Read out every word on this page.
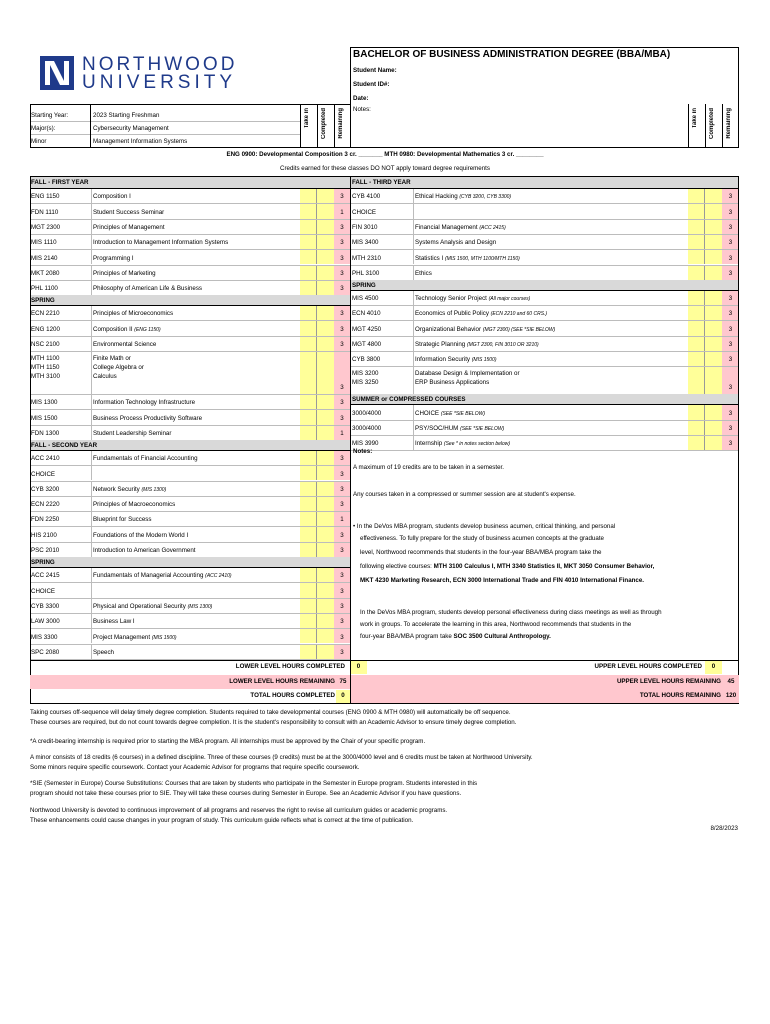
NORTHWOOD
UNIVERSITY
BACHELOR OF BUSINESS ADMINISTRATION DEGREE (BBA/MBA)
Student Name:
Student ID#:
Date:
Notes:
Starting Year:	2023 Starting Freshman
Major(s):	Cybersecurity Management
Minor	Management Information Systems
Take in Completed Remaining	Take in Completed Remaining
ENG 0900: Developmental Composition 3 cr. _______ MTH 0980: Developmental Mathematics 3 cr. ________
Credits earned for these classes DO NOT apply toward degree requirements
FALL - FIRST YEAR
ENG 1150	Composition I	3
FDN 1110	Student Success Seminar	1
MGT 2300	Principles of Management	3
MIS 1110	Introduction to Management Information Systems	3
MIS 2140	Programming I	3
MKT 2080	Principles of Marketing	3
PHL 1100	Philosophy of American Life & Business	3
SPRING
ECN 2210	Principles of Microeconomics	3
ENG 1200	Composition II (ENG 1150)	3
NSC 2100	Environmental Science	3
MTH 1100	Finite Math or
MTH 1150	College Algebra or
MTH 3100	Calculus
3
MIS 1300	Information Technology Infrastructure	3
MIS 1500	Business Process Productivity Software	3
FDN 1300	Student Leadership Seminar	1
FALL - SECOND YEAR
ACC 2410	Fundamentals of Financial Accounting	3
CHOICE	3
CYB 3200	Network Security (MIS 1300)	3
ECN 2220	Principles of Macroeconomics	3
FDN 2250	Blueprint for Success	1
HIS 2100	Foundations of the Modern World I	3
PSC 2010	Introduction to American Government	3
SPRING
ACC 2415	Fundamentals of Managerial Accounting (ACC 2410)	3
CHOICE	3
CYB 3300	Physical and Operational Security (MIS 1300)	3
LAW 3000	Business Law I	3
MIS 3300	Project Management (MIS 1500)	3
SPC 2080	Speech	3
FALL - THIRD YEAR
CYB 4100	Ethical Hacking (CYB 3200, CYB 3300)	3
CHOICE	3
FIN 3010	Financial Management (ACC 2415)	3
MIS 3400	Systems Analysis and Design	3
MTH 2310	Statistics I (MIS 1500, MTH 1100/MTH 1150)	3
PHL 3100	Ethics	3
SPRING
MIS 4500	Technology Senior Project (All major courses)	3
ECN 4010	Economics of Public Policy (ECN 2210 and 60 CRS.)	3
MGT 4250	Organizational Behavior (MGT 2300) (SEE *SIE BELOW)	3
MGT 4800	Strategic Planning (MGT 2300, FIN 3010 OR 3210)	3
CYB 3800	Information Security (MIS 1500)	3
MIS 3200	Database Design & Implementation or
MIS 3250	ERP Business Applications
3
SUMMER or COMPRESSED COURSES
3000/4000	CHOICE (SEE *SIE BELOW)	3
3000/4000	PSY/SOC/HUM (SEE *SIE BELOW)	3
MIS 3990	Internship (See * in notes section below)	3
Notes:
A maximum of 19 credits are to be taken in a semester.
Any courses taken in a compressed or summer session are at student's expense.
• In the DeVos MBA program, students develop business acumen, critical thinking, and personal
effectiveness. To fully prepare for the study of business acumen concepts at the graduate
level, Northwood recommends that students in the four-year BBA/MBA program take the
following elective courses: MTH 3100 Calculus I, MTH 3340 Statistics II, MKT 3050 Consumer Behavior,
MKT 4230 Marketing Research, ECN 3000 International Trade and FIN 4010 International Finance.
In the DeVos MBA program, students develop personal effectiveness during class meetings as well as through
work in groups. To accelerate the learning in this area, Northwood recommends that students in the
four-year BBA/MBA program take SOC 3500 Cultural Anthropology.
LOWER LEVEL HOURS COMPLETED	0
LOWER LEVEL HOURS REMAINING 75
TOTAL HOURS COMPLETED	0
UPPER LEVEL HOURS COMPLETED	0
UPPER LEVEL HOURS REMAINING	45
TOTAL HOURS REMAINING 120
Taking courses off-sequence will delay timely degree completion. Students required to take developmental courses (ENG 0900 & MTH 0980) will automatically be off sequence.
These courses are required, but do not count towards degree completion. It is the student's responsibility to consult with an Academic Advisor to ensure timely degree completion.
*A credit-bearing internship is required prior to starting the MBA program. All internships must be approved by the Chair of your specific program.
A minor consists of 18 credits (6 courses) in a defined discipline. Three of these courses (9 credits) must be at the 3000/4000 level and 6 credits must be taken at Northwood University.
Some minors require specific coursework. Contact your Academic Advisor for programs that require specific coursework.
*SIE (Semester in Europe) Course Substitutions: Courses that are taken by students who participate in the Semester in Europe program. Students interested in this
program should not take these courses prior to SIE. They will take these courses during Semester in Europe. See an Academic Advisor if you have questions.
Northwood University is devoted to continuous improvement of all programs and reserves the right to revise all curriculum guides or academic programs.
These enhancements could cause changes in your program of study. This curriculum guide reflects what is correct at the time of publication.
8/28/2023
